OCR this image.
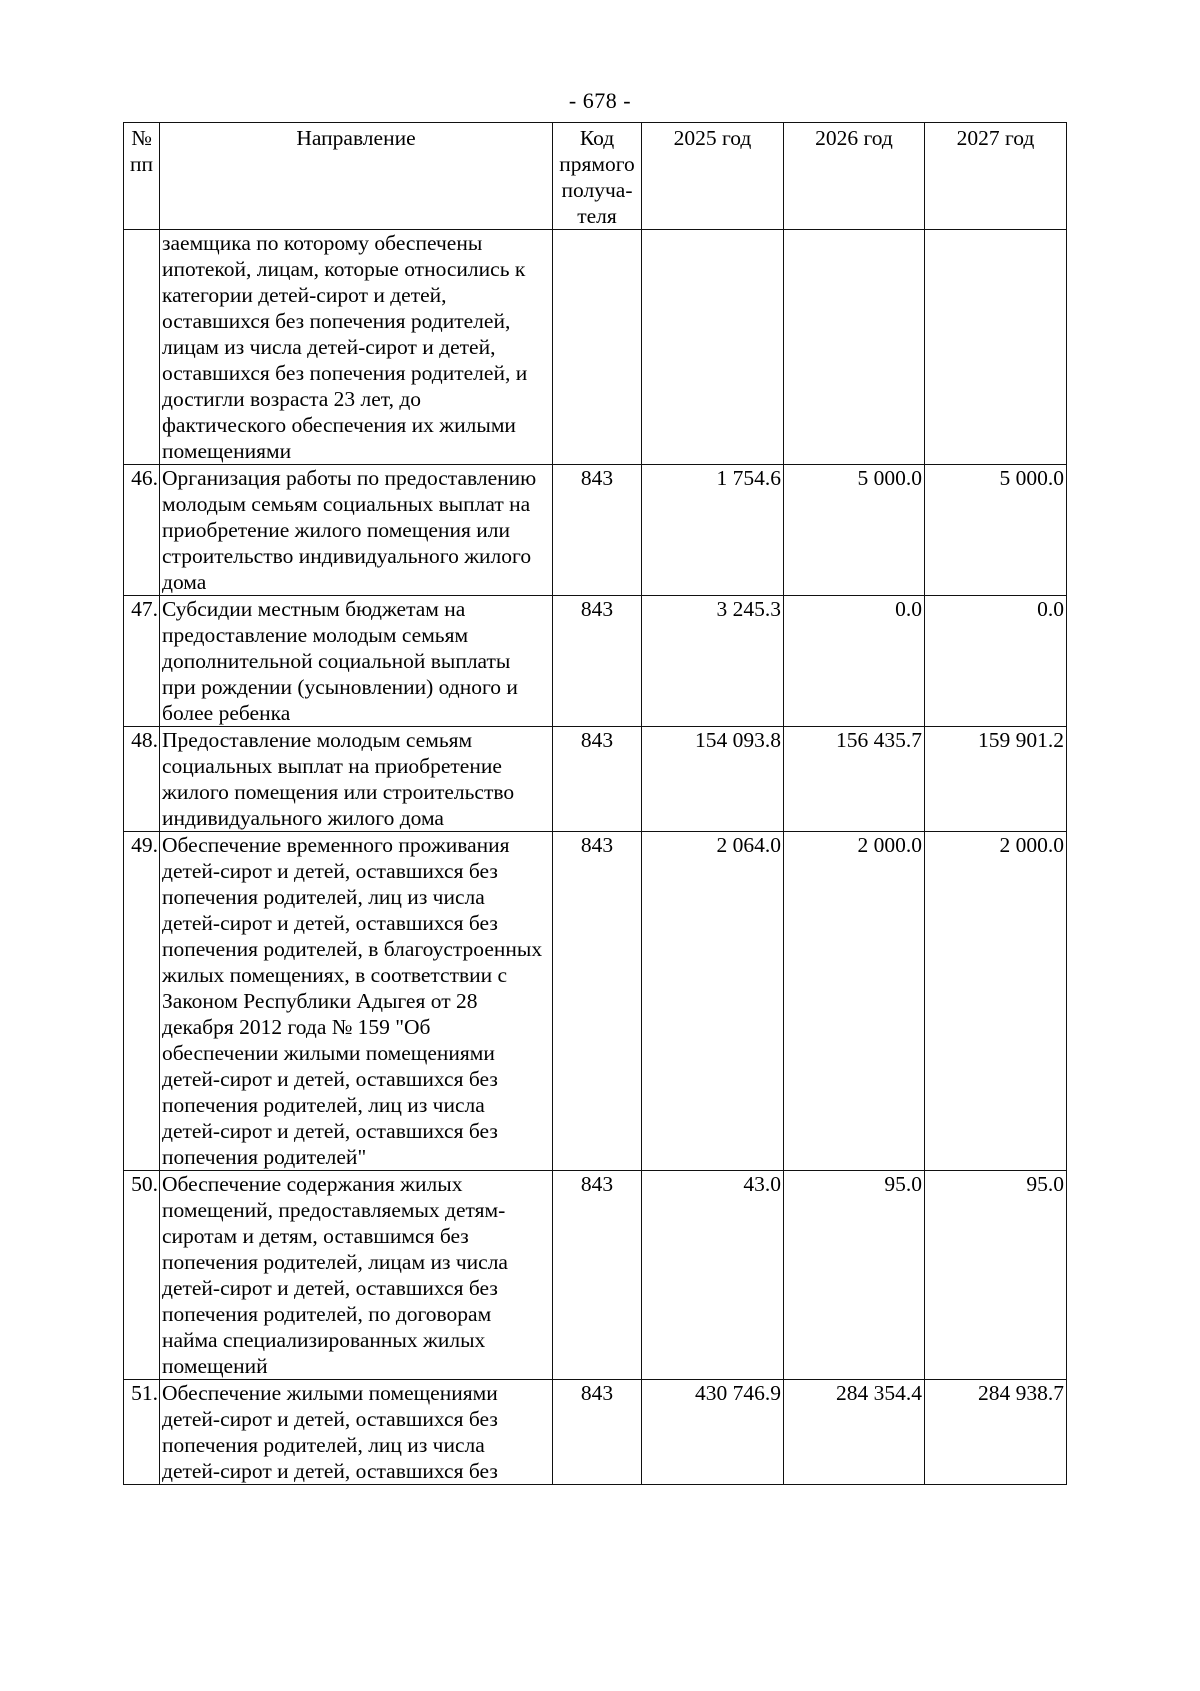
- 678 -
№ пп	Направление	Код прямого получа-теля	2025 год	2026 год	2027 год
	заемщика по которому обеспечены ипотекой, лицам, которые относились к категории детей-сирот и детей, оставшихся без попечения родителей, лицам из числа детей-сирот и детей, оставшихся без попечения родителей, и достигли возраста 23 лет, до фактического обеспечения их жилыми помещениями				
46.	Организация работы по предоставлению молодым семьям социальных выплат на приобретение жилого помещения или строительство индивидуального жилого дома	843	1 754.6	5 000.0	5 000.0
47.	Субсидии местным бюджетам на предоставление молодым семьям дополнительной социальной выплаты при рождении (усыновлении) одного и более ребенка	843	3 245.3	0.0	0.0
48.	Предоставление молодым семьям социальных выплат на приобретение жилого помещения или строительство индивидуального жилого дома	843	154 093.8	156 435.7	159 901.2
49.	Обеспечение временного проживания детей-сирот и детей, оставшихся без попечения родителей, лиц из числа детей-сирот и детей, оставшихся без попечения родителей, в благоустроенных жилых помещениях, в соответствии с Законом Республики Адыгея от 28 декабря 2012 года № 159 "Об обеспечении жилыми помещениями детей-сирот и детей, оставшихся без попечения родителей, лиц из числа детей-сирот и детей, оставшихся без попечения родителей"	843	2 064.0	2 000.0	2 000.0
50.	Обеспечение содержания жилых помещений, предоставляемых детям-сиротам и детям, оставшимся без попечения родителей, лицам из числа детей-сирот и детей, оставшихся без попечения родителей, по договорам найма специализированных жилых помещений	843	43.0	95.0	95.0
51.	Обеспечение жилыми помещениями детей-сирот и детей, оставшихся без попечения родителей, лиц из числа детей-сирот и детей, оставшихся без	843	430 746.9	284 354.4	284 938.7
